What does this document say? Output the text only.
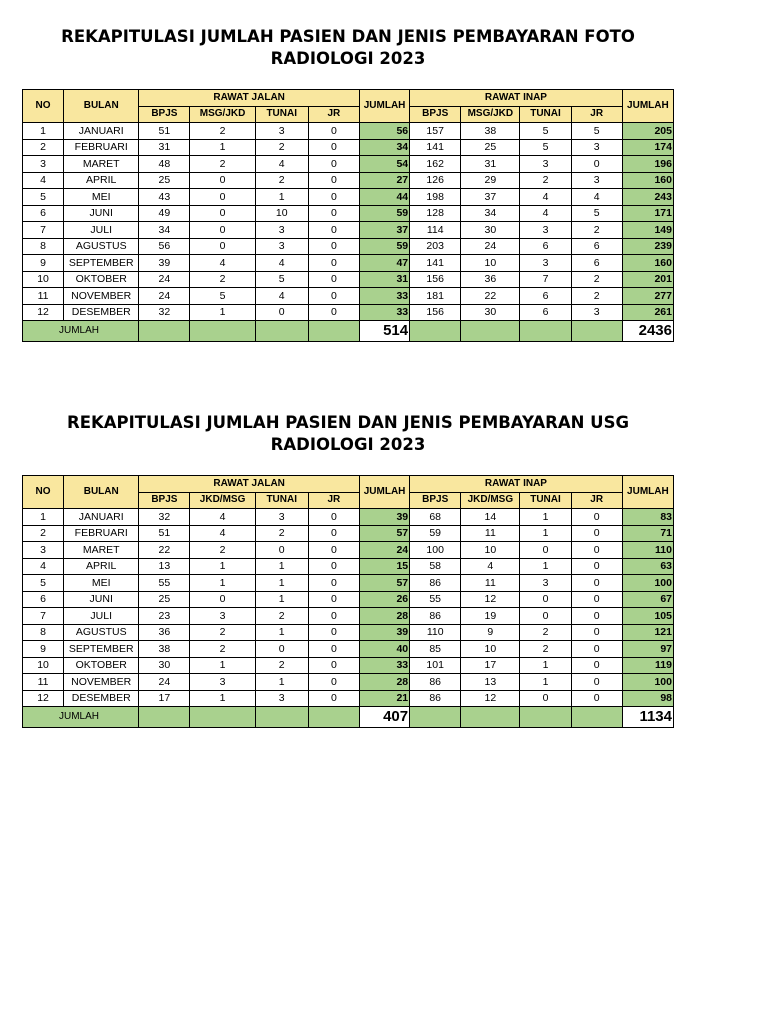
REKAPITULASI JUMLAH PASIEN DAN JENIS PEMBAYARAN FOTO
RADIOLOGI 2023
NO	BULAN	RAWAT JALAN				JUMLAH	RAWAT INAP				JUMLAH
		BPJS	MSG/JKD	TUNAI	JR		BPJS	MSG/JKD	TUNAI	JR	
1	JANUARI	51	2	3	0	56	157	38	5	5	205
2	FEBRUARI	31	1	2	0	34	141	25	5	3	174
3	MARET	48	2	4	0	54	162	31	3	0	196
4	APRIL	25	0	2	0	27	126	29	2	3	160
5	MEI	43	0	1	0	44	198	37	4	4	243
6	JUNI	49	0	10	0	59	128	34	4	5	171
7	JULI	34	0	3	0	37	114	30	3	2	149
8	AGUSTUS	56	0	3	0	59	203	24	6	6	239
9	SEPTEMBER	39	4	4	0	47	141	10	3	6	160
10	OKTOBER	24	2	5	0	31	156	36	7	2	201
11	NOVEMBER	24	5	4	0	33	181	22	6	2	277
12	DESEMBER	32	1	0	0	33	156	30	6	3	261
JUMLAH						514					2436
REKAPITULASI JUMLAH PASIEN DAN JENIS PEMBAYARAN USG
RADIOLOGI 2023
NO	BULAN	RAWAT JALAN				JUMLAH	RAWAT INAP				JUMLAH
		BPJS	JKD/MSG	TUNAI	JR		BPJS	JKD/MSG	TUNAI	JR	
1	JANUARI	32	4	3	0	39	68	14	1	0	83
2	FEBRUARI	51	4	2	0	57	59	11	1	0	71
3	MARET	22	2	0	0	24	100	10	0	0	110
4	APRIL	13	1	1	0	15	58	4	1	0	63
5	MEI	55	1	1	0	57	86	11	3	0	100
6	JUNI	25	0	1	0	26	55	12	0	0	67
7	JULI	23	3	2	0	28	86	19	0	0	105
8	AGUSTUS	36	2	1	0	39	110	9	2	0	121
9	SEPTEMBER	38	2	0	0	40	85	10	2	0	97
10	OKTOBER	30	1	2	0	33	101	17	1	0	119
11	NOVEMBER	24	3	1	0	28	86	13	1	0	100
12	DESEMBER	17	1	3	0	21	86	12	0	0	98
JUMLAH						407					1134
